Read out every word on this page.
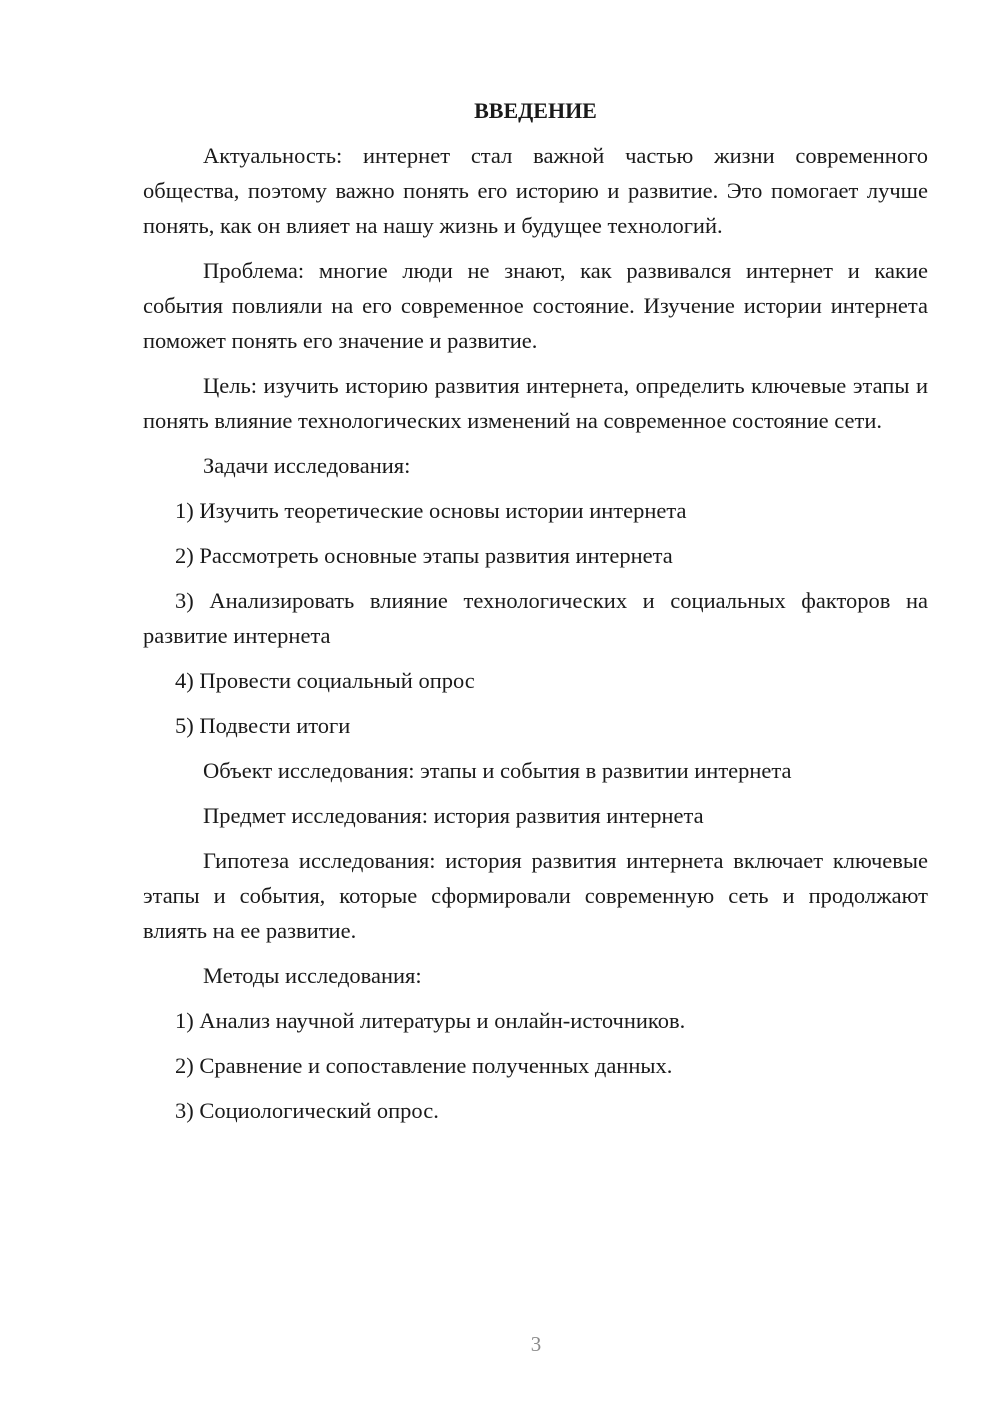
ВВЕДЕНИЕ
Актуальность: интернет стал важной частью жизни современного общества, поэтому важно понять его историю и развитие. Это помогает лучше понять, как он влияет на нашу жизнь и будущее технологий.
Проблема: многие люди не знают, как развивался интернет и какие события повлияли на его современное состояние. Изучение истории интернета поможет понять его значение и развитие.
Цель: изучить историю развития интернета, определить ключевые этапы и понять влияние технологических изменений на современное состояние сети.
Задачи исследования:
1) Изучить теоретические основы истории интернета
2) Рассмотреть основные этапы развития интернета
3) Анализировать влияние технологических и социальных факторов на развитие интернета
4) Провести социальный опрос
5) Подвести итоги
Объект исследования: этапы и события в развитии интернета
Предмет исследования: история развития интернета
Гипотеза исследования: история развития интернета включает ключевые этапы и события, которые сформировали современную сеть и продолжают влиять на ее развитие.
Методы исследования:
1) Анализ научной литературы и онлайн-источников.
2) Сравнение и сопоставление полученных данных.
3) Социологический опрос.
3
